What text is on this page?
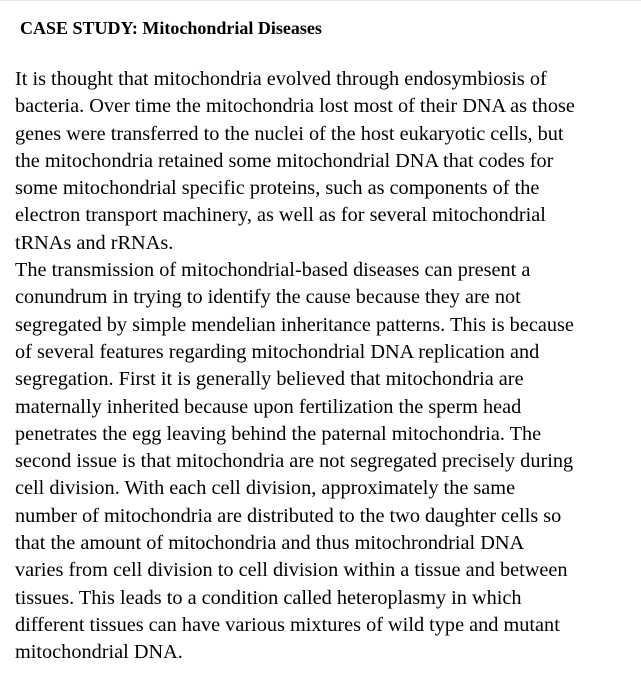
CASE STUDY: Mitochondrial Diseases
It is thought that mitochondria evolved through endosymbiosis of
bacteria. Over time the mitochondria lost most of their DNA as those
genes were transferred to the nuclei of the host eukaryotic cells, but
the mitochondria retained some mitochondrial DNA that codes for
some mitochondrial specific proteins, such as components of the
electron transport machinery, as well as for several mitochondrial
tRNAs and rRNAs.
The transmission of mitochondrial-based diseases can present a
conundrum in trying to identify the cause because they are not
segregated by simple mendelian inheritance patterns. This is because
of several features regarding mitochondrial DNA replication and
segregation. First it is generally believed that mitochondria are
maternally inherited because upon fertilization the sperm head
penetrates the egg leaving behind the paternal mitochondria. The
second issue is that mitochondria are not segregated precisely during
cell division. With each cell division, approximately the same
number of mitochondria are distributed to the two daughter cells so
that the amount of mitochondria and thus mitochrondrial DNA
varies from cell division to cell division within a tissue and between
tissues. This leads to a condition called heteroplasmy in which
different tissues can have various mixtures of wild type and mutant
mitochondrial DNA.
